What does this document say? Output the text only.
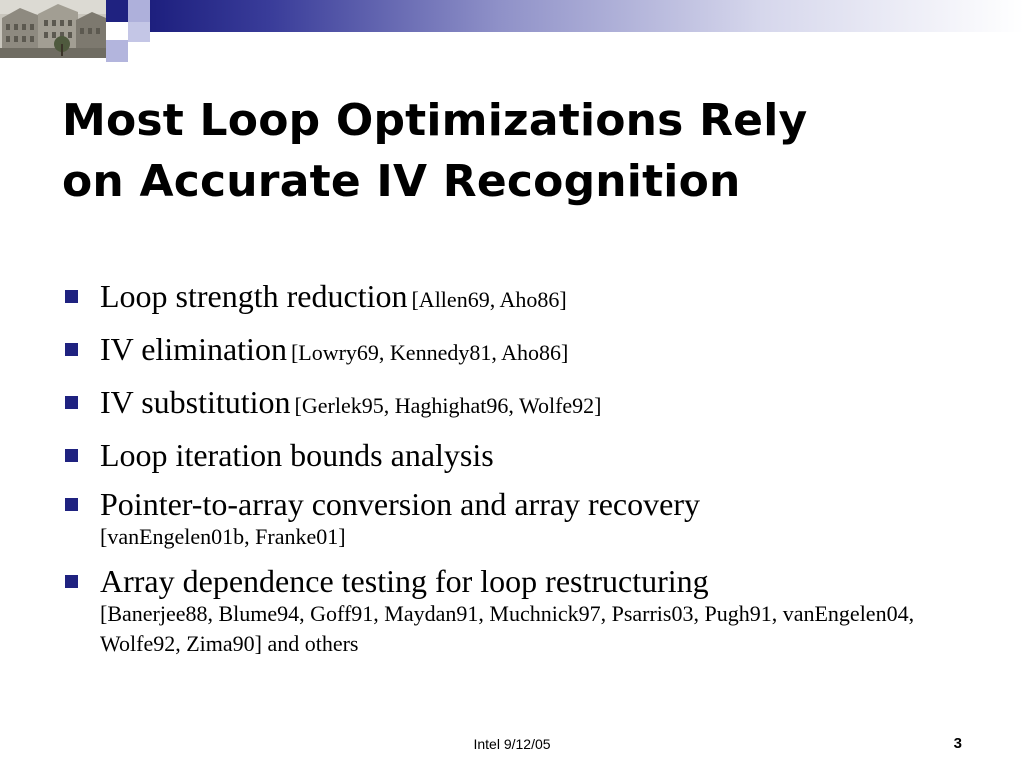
Most Loop Optimizations Rely
on Accurate IV Recognition
Loop strength reduction [Allen69, Aho86]
IV elimination [Lowry69, Kennedy81, Aho86]
IV substitution [Gerlek95, Haghighat96, Wolfe92]
Loop iteration bounds analysis
Pointer-to-array conversion and array recovery
[vanEngelen01b, Franke01]
Array dependence testing for loop restructuring
[Banerjee88, Blume94, Goff91, Maydan91, Muchnick97, Psarris03, Pugh91, vanEngelen04, Wolfe92, Zima90] and others
Intel 9/12/05	3
